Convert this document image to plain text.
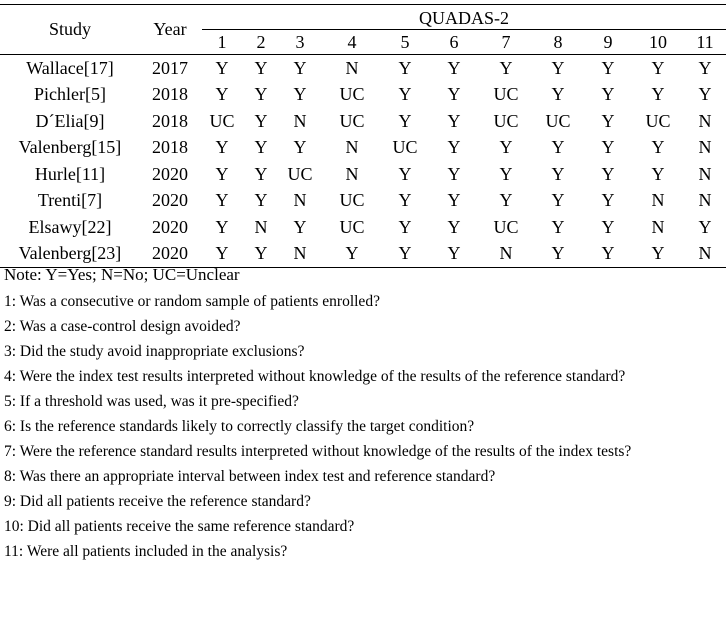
Study	Year	QUADAS-2										

		1	2	3	4	5	6	7	8	9	10	11
Wallace[17]	2017	Y	Y	Y	N	Y	Y	Y	Y	Y	Y	Y
Pichler[5]	2018	Y	Y	Y	UC	Y	Y	UC	Y	Y	Y	Y
D´Elia[9]	2018	UC	Y	N	UC	Y	Y	UC	UC	Y	UC	N
Valenberg[15]	2018	Y	Y	Y	N	UC	Y	Y	Y	Y	Y	N
Hurle[11]	2020	Y	Y	UC	N	Y	Y	Y	Y	Y	Y	N
Trenti[7]	2020	Y	Y	N	UC	Y	Y	Y	Y	Y	N	N
Elsawy[22]	2020	Y	N	Y	UC	Y	Y	UC	Y	Y	N	Y
Valenberg[23]	2020	Y	Y	N	Y	Y	Y	N	Y	Y	Y	N
Note: Y=Yes; N=No; UC=Unclear
1: Was a consecutive or random sample of patients enrolled?
2: Was a case-control design avoided?
3: Did the study avoid inappropriate exclusions?
4: Were the index test results interpreted without knowledge of the results of the reference standard?
5: If a threshold was used, was it pre-specified?
6: Is the reference standards likely to correctly classify the target condition?
7: Were the reference standard results interpreted without knowledge of the results of the index tests?
8: Was there an appropriate interval between index test and reference standard?
9: Did all patients receive the reference standard?
10: Did all patients receive the same reference standard?
11: Were all patients included in the analysis?
